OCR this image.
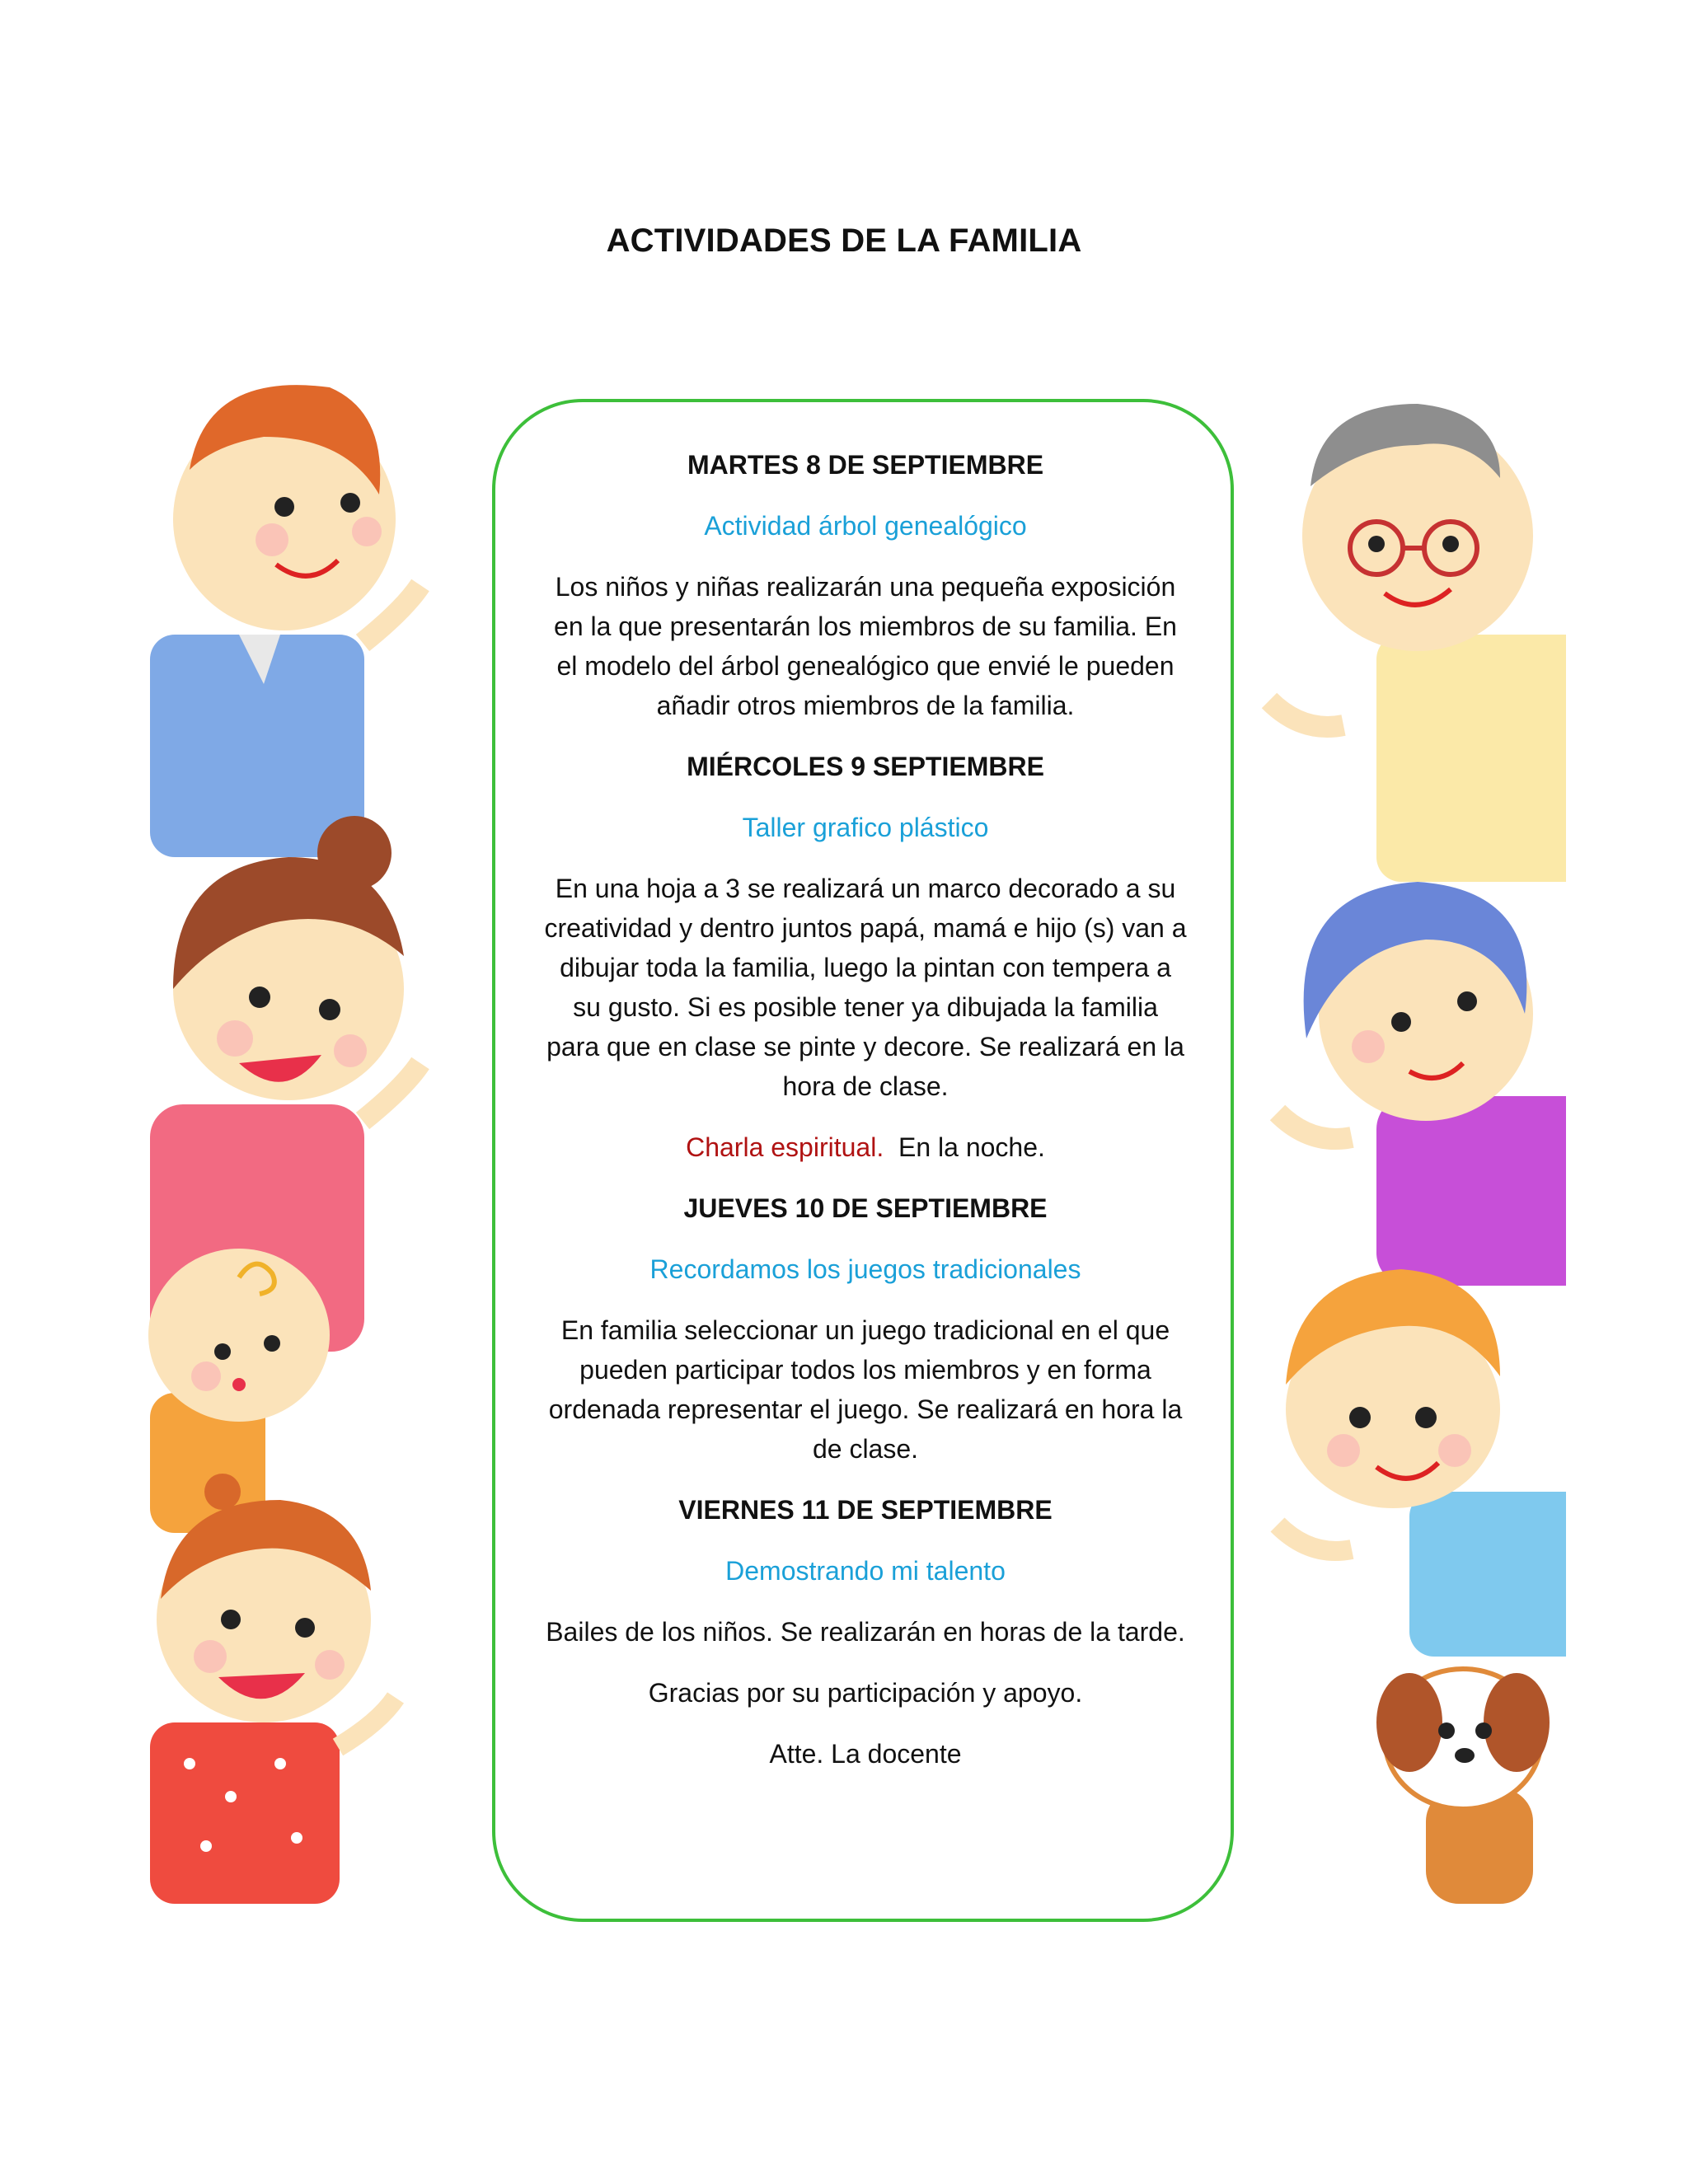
ACTIVIDADES DE LA FAMILIA
MARTES 8 DE SEPTIEMBRE
Actividad árbol genealógico
Los niños y niñas realizarán una pequeña exposición en la que presentarán los miembros de su familia. En el modelo del árbol genealógico que envié le pueden añadir otros miembros de la familia.
MIÉRCOLES 9 SEPTIEMBRE
Taller grafico plástico
En una hoja a 3 se realizará un marco decorado a su creatividad y dentro juntos papá, mamá e hijo (s) van a dibujar toda la familia, luego la pintan con tempera a su gusto. Si es posible tener ya dibujada la familia para que en clase se pinte y decore. Se realizará en la hora de clase.
Charla espiritual. En la noche.
JUEVES 10 DE SEPTIEMBRE
Recordamos los juegos tradicionales
En familia seleccionar un juego tradicional en el que pueden participar todos los miembros y en forma ordenada representar el juego. Se realizará en hora la de clase.
VIERNES 11 DE SEPTIEMBRE
Demostrando mi talento
Bailes de los niños. Se realizarán en horas de la tarde.
Gracias por su participación y apoyo.
Atte. La docente
